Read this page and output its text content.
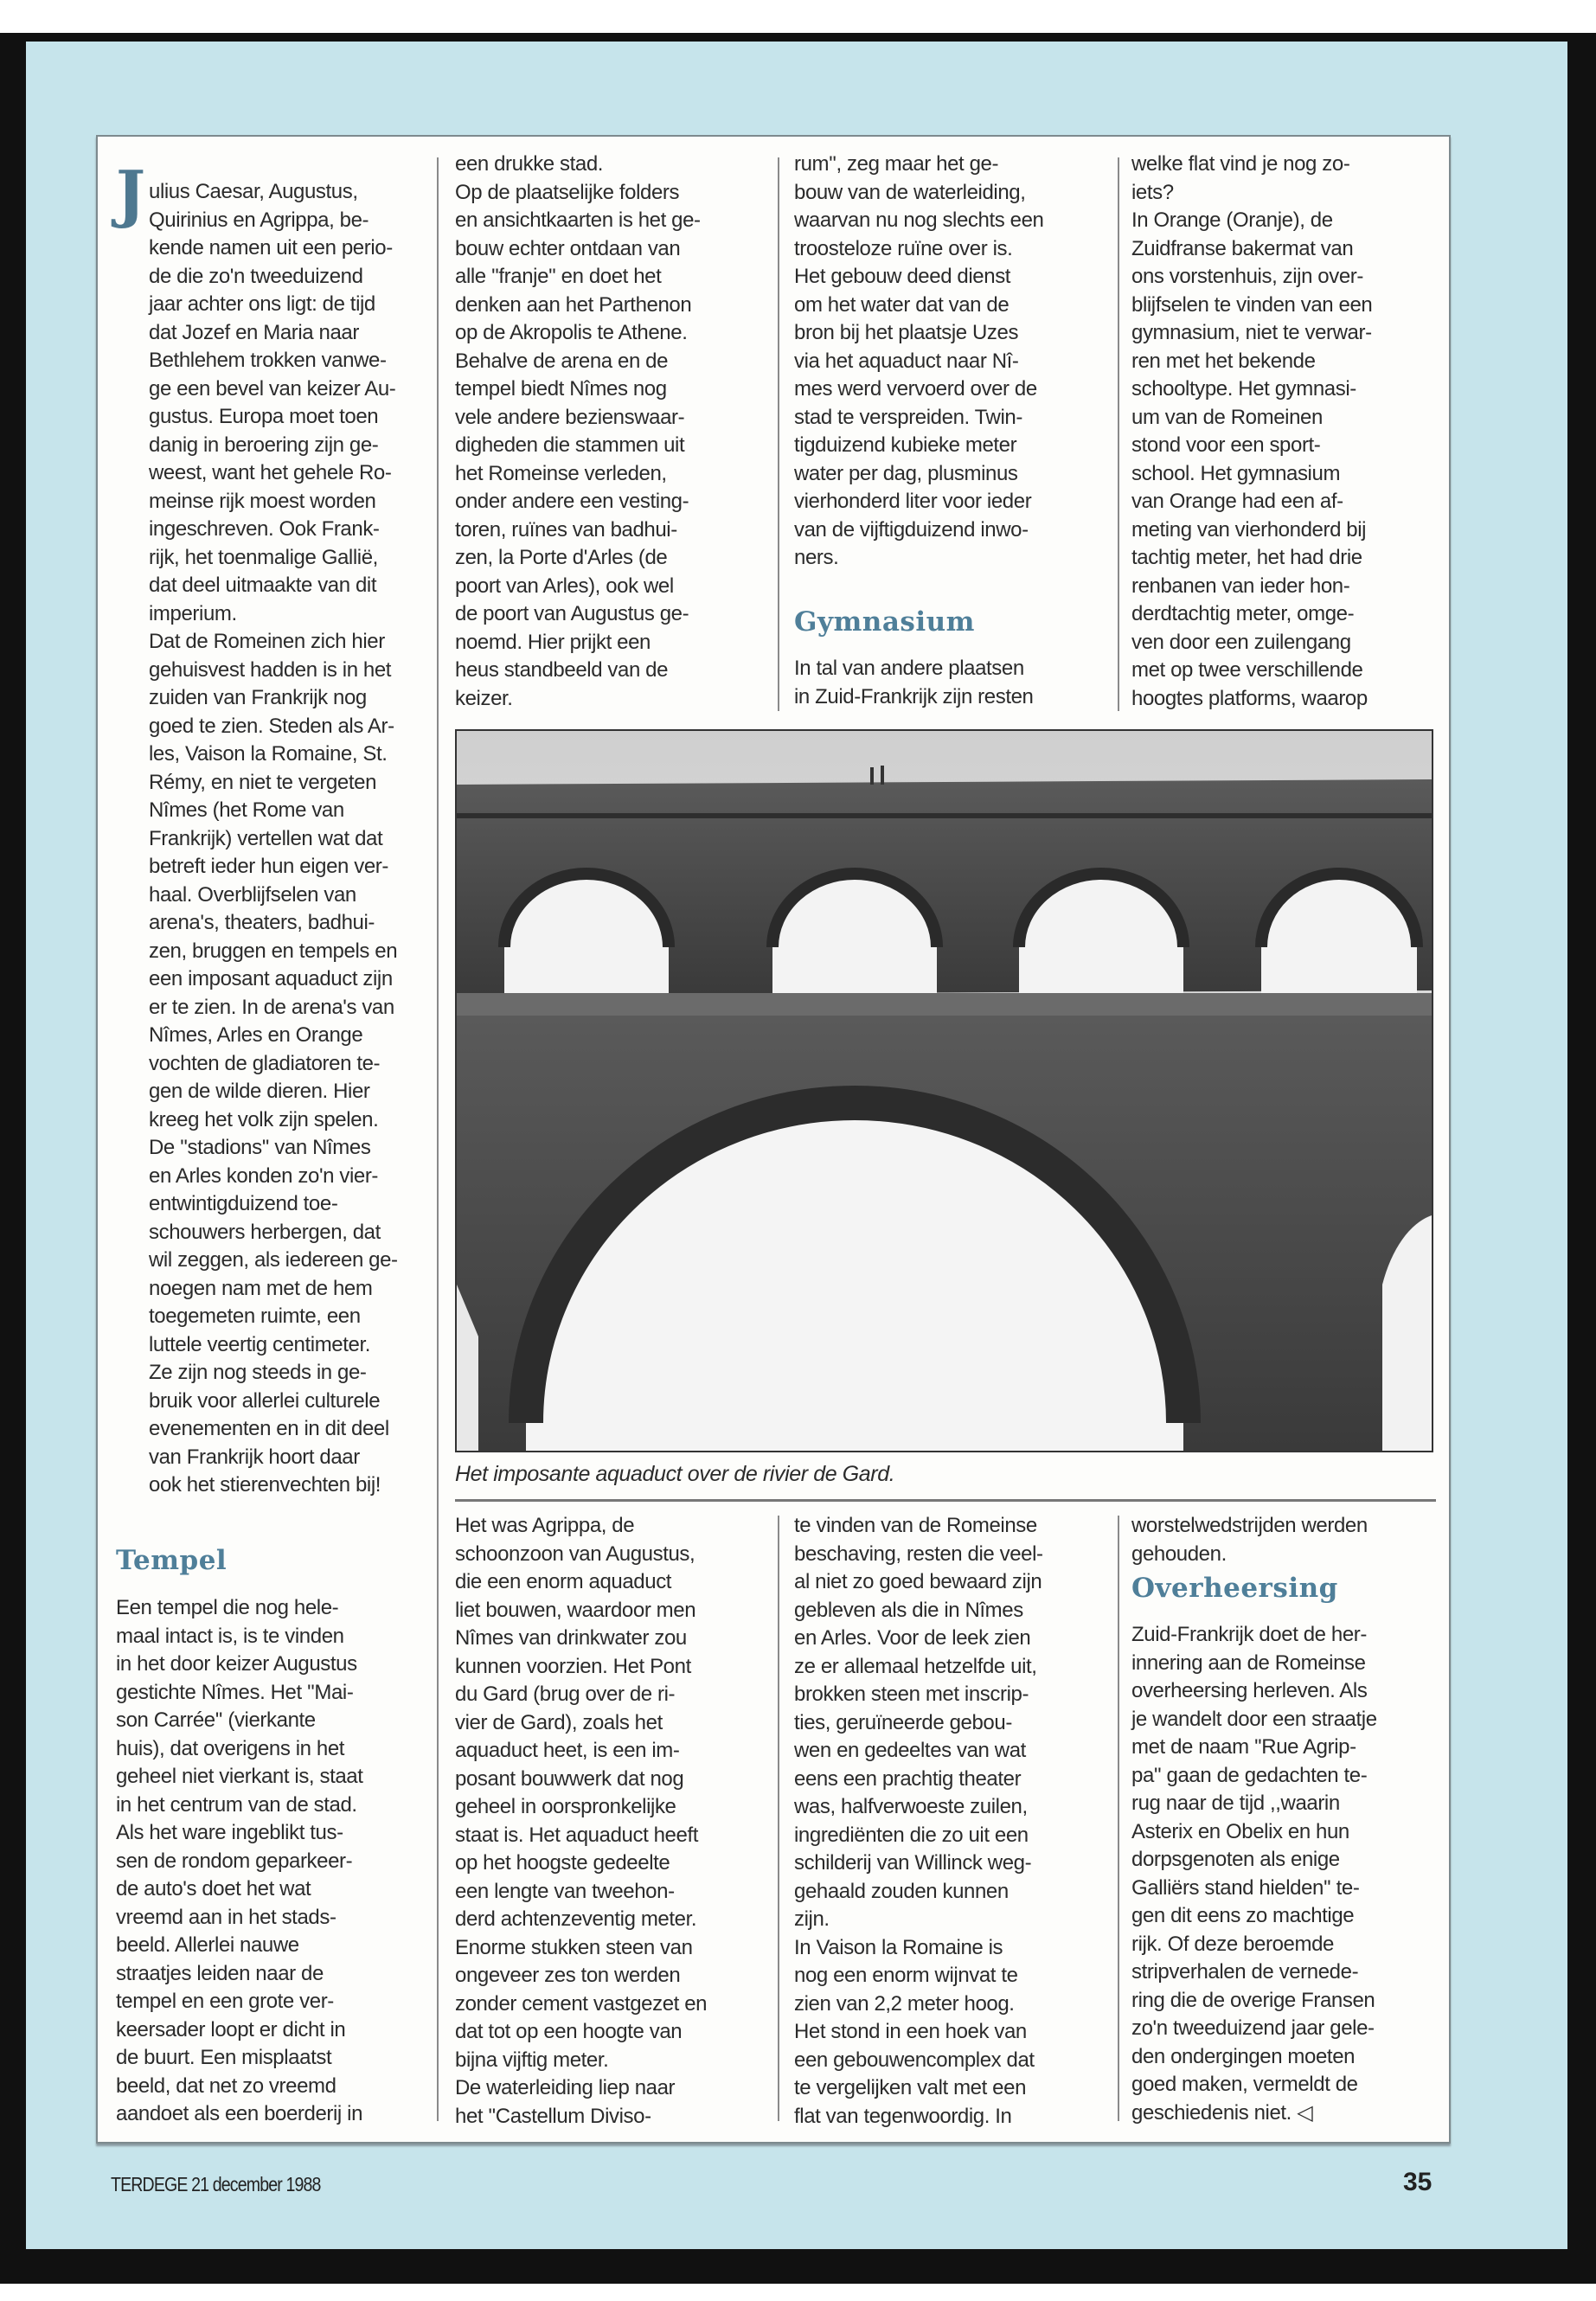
J ulius Caesar, Augustus,
Quirinius en Agrippa, be-
kende namen uit een perio-
de die zo'n tweeduizend
jaar achter ons ligt: de tijd
dat Jozef en Maria naar
Bethlehem trokken vanwe-
ge een bevel van keizer Au-
gustus. Europa moet toen
danig in beroering zijn ge-
weest, want het gehele Ro-
meinse rijk moest worden
ingeschreven. Ook Frank-
rijk, het toenmalige Gallië,
dat deel uitmaakte van dit
imperium.
Dat de Romeinen zich hier
gehuisvest hadden is in het
zuiden van Frankrijk nog
goed te zien. Steden als Ar-
les, Vaison la Romaine, St.
Rémy, en niet te vergeten
Nîmes (het Rome van
Frankrijk) vertellen wat dat
betreft ieder hun eigen ver-
haal. Overblijfselen van
arena's, theaters, badhui-
zen, bruggen en tempels en
een imposant aquaduct zijn
er te zien. In de arena's van
Nîmes, Arles en Orange
vochten de gladiatoren te-
gen de wilde dieren. Hier
kreeg het volk zijn spelen.
De ''stadions'' van Nîmes
en Arles konden zo'n vier-
entwintigduizend toe-
schouwers herbergen, dat
wil zeggen, als iedereen ge-
noegen nam met de hem
toegemeten ruimte, een
luttele veertig centimeter.
Ze zijn nog steeds in ge-
bruik voor allerlei culturele
evenementen en in dit deel
van Frankrijk hoort daar
ook het stierenvechten bij!
Tempel
Een tempel die nog hele-
maal intact is, is te vinden
in het door keizer Augustus
gestichte Nîmes. Het ''Mai-
son Carrée'' (vierkante
huis), dat overigens in het
geheel niet vierkant is, staat
in het centrum van de stad.
Als het ware ingeblikt tus-
sen de rondom geparkeer-
de auto's doet het wat
vreemd aan in het stads-
beeld. Allerlei nauwe
straatjes leiden naar de
tempel en een grote ver-
keersader loopt er dicht in
de buurt. Een misplaatst
beeld, dat net zo vreemd
aandoet als een boerderij in
een drukke stad.
Op de plaatselijke folders
en ansichtkaarten is het ge-
bouw echter ontdaan van
alle ''franje'' en doet het
denken aan het Parthenon
op de Akropolis te Athene.
Behalve de arena en de
tempel biedt Nîmes nog
vele andere bezienswaar-
digheden die stammen uit
het Romeinse verleden,
onder andere een vesting-
toren, ruïnes van badhui-
zen, la Porte d'Arles (de
poort van Arles), ook wel
de poort van Augustus ge-
noemd. Hier prijkt een
heus standbeeld van de
keizer.
rum'', zeg maar het ge-
bouw van de waterleiding,
waarvan nu nog slechts een
troosteloze ruïne over is.
Het gebouw deed dienst
om het water dat van de
bron bij het plaatsje Uzes
via het aquaduct naar Nî-
mes werd vervoerd over de
stad te verspreiden. Twin-
tigduizend kubieke meter
water per dag, plusminus
vierhonderd liter voor ieder
van de vijftigduizend inwo-
ners.
Gymnasium
In tal van andere plaatsen
in Zuid-Frankrijk zijn resten
welke flat vind je nog zo-
iets?
In Orange (Oranje), de
Zuidfranse bakermat van
ons vorstenhuis, zijn over-
blijfselen te vinden van een
gymnasium, niet te verwar-
ren met het bekende
schooltype. Het gymnasi-
um van de Romeinen
stond voor een sport-
school. Het gymnasium
van Orange had een af-
meting van vierhonderd bij
tachtig meter, het had drie
renbanen van ieder hon-
derdtachtig meter, omge-
ven door een zuilengang
met op twee verschillende
hoogtes platforms, waarop
Het imposante aquaduct over de rivier de Gard.
Het was Agrippa, de
schoonzoon van Augustus,
die een enorm aquaduct
liet bouwen, waardoor men
Nîmes van drinkwater zou
kunnen voorzien. Het Pont
du Gard (brug over de ri-
vier de Gard), zoals het
aquaduct heet, is een im-
posant bouwwerk dat nog
geheel in oorspronkelijke
staat is. Het aquaduct heeft
op het hoogste gedeelte
een lengte van tweehon-
derd achtenzeventig meter.
Enorme stukken steen van
ongeveer zes ton werden
zonder cement vastgezet en
dat tot op een hoogte van
bijna vijftig meter.
De waterleiding liep naar
het ''Castellum Diviso-
te vinden van de Romeinse
beschaving, resten die veel-
al niet zo goed bewaard zijn
gebleven als die in Nîmes
en Arles. Voor de leek zien
ze er allemaal hetzelfde uit,
brokken steen met inscrip-
ties, geruïneerde gebou-
wen en gedeeltes van wat
eens een prachtig theater
was, halfverwoeste zuilen,
ingrediënten die zo uit een
schilderij van Willinck weg-
gehaald zouden kunnen
zijn.
In Vaison la Romaine is
nog een enorm wijnvat te
zien van 2,2 meter hoog.
Het stond in een hoek van
een gebouwencomplex dat
te vergelijken valt met een
flat van tegenwoordig. In
worstelwedstrijden werden
gehouden.
Overheersing
Zuid-Frankrijk doet de her-
innering aan de Romeinse
overheersing herleven. Als
je wandelt door een straatje
met de naam ''Rue Agrip-
pa'' gaan de gedachten te-
rug naar de tijd ,,waarin
Asterix en Obelix en hun
dorpsgenoten als enige
Galliërs stand hielden'' te-
gen dit eens zo machtige
rijk. Of deze beroemde
stripverhalen de vernede-
ring die de overige Fransen
zo'n tweeduizend jaar gele-
den ondergingen moeten
goed maken, vermeldt de
geschiedenis niet. ◁
TERDEGE 21 december 1988	35
